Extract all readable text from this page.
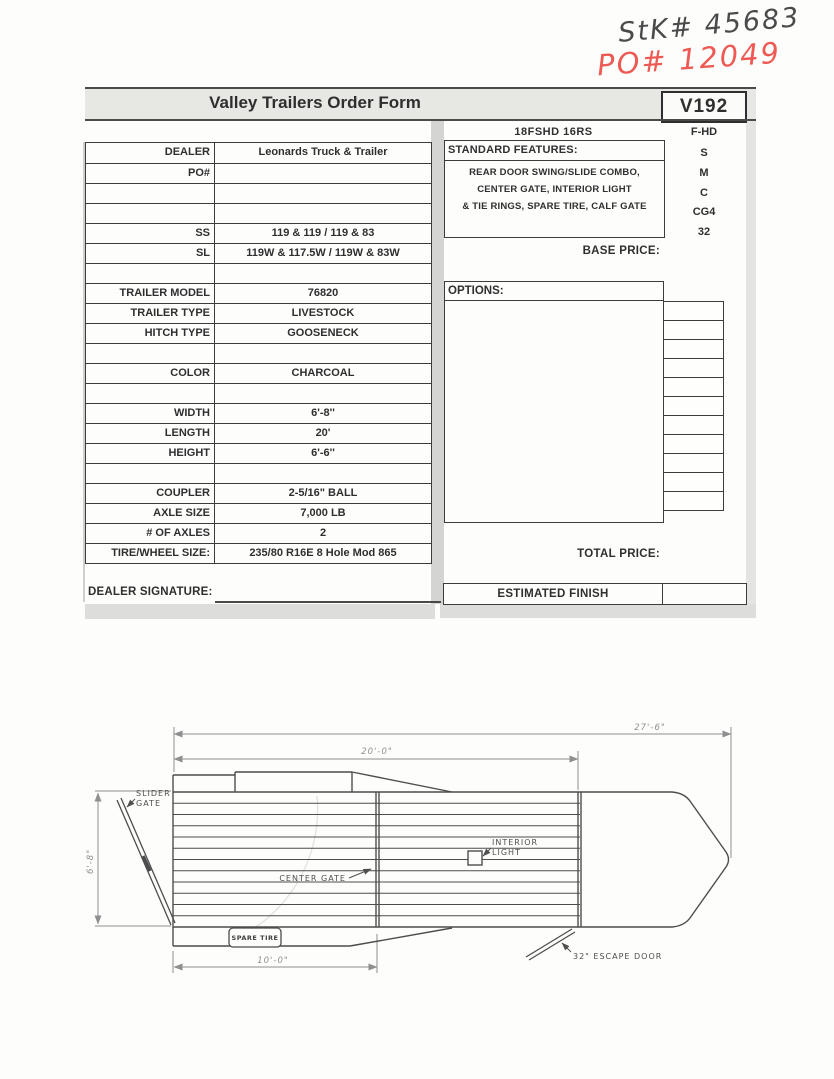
StK# 45683
PO# 12049
Valley Trailers Order Form	V192
DEALER	Leonards Truck & Trailer
PO#
SS	119 & 119 / 119 & 83
SL	119W & 117.5W / 119W & 83W
TRAILER MODEL	76820
TRAILER TYPE	LIVESTOCK
HITCH TYPE	GOOSENECK
COLOR	CHARCOAL
WIDTH	6'-8''
LENGTH	20'
HEIGHT	6'-6''
COUPLER	2-5/16" BALL
AXLE SIZE	7,000 LB
# OF AXLES	2
TIRE/WHEEL SIZE:	235/80 R16E 8 Hole Mod 865
DEALER SIGNATURE:
18FSHD 16RS	F-HD
S
M
C
CG4
32
STANDARD FEATURES:
REAR DOOR SWING/SLIDE COMBO,
CENTER GATE, INTERIOR LIGHT
& TIE RINGS, SPARE TIRE, CALF GATE
BASE PRICE:
OPTIONS:
TOTAL PRICE:
ESTIMATED FINISH
27'-6"
20'-0"
6'-8"
10'-0"
SLIDER
GATE
CENTER GATE
INTERIOR
LIGHT
SPARE TIRE
32" ESCAPE DOOR
